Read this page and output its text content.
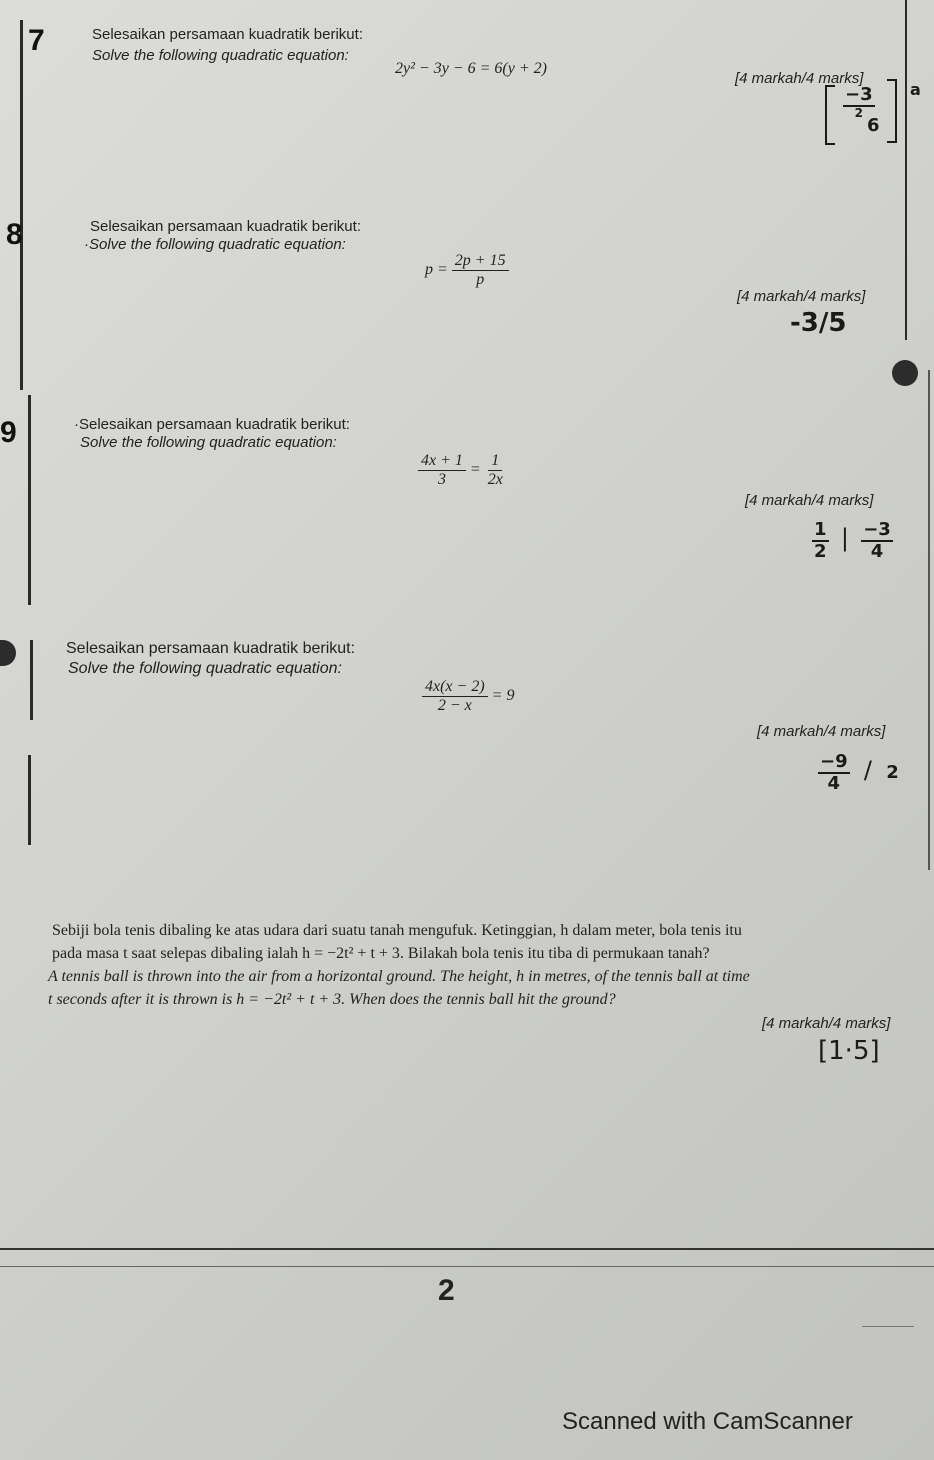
7	Selesaikan persamaan kuadratik berikut:
Solve the following quadratic equation:
2y² − 3y − 6 = 6(y + 2)
[4 markah/4 marks]
a
$\frac{-3}{2}$
6
8	Selesaikan persamaan kuadratik berikut:
·Solve the following quadratic equation:
$p = \frac{2p + 15}{p}$
[4 markah/4 marks]
-3/5
9	·Selesaikan persamaan kuadratik berikut:
Solve the following quadratic equation:
$\frac{4x + 1}{3} = \frac{1}{2x}$
[4 markah/4 marks]
$\frac{1}{2}$ | $\frac{-3}{4}$
Selesaikan persamaan kuadratik berikut:
Solve the following quadratic equation:
$\frac{4x(x - 2)}{2 - x} = 9$
[4 markah/4 marks]
$\frac{-9}{4} / 2$
Sebiji bola tenis dibaling ke atas udara dari suatu tanah mengufuk. Ketinggian, h dalam meter, bola tenis itu
pada masa t saat selepas dibaling ialah h = −2t² + t + 3. Bilakah bola tenis itu tiba di permukaan tanah?
A tennis ball is thrown into the air from a horizontal ground. The height, h in metres, of the tennis ball at time
t seconds after it is thrown is h = −2t² + t + 3. When does the tennis ball hit the ground?
[4 markah/4 marks]
[1·5]
2
Scanned with CamScanner
